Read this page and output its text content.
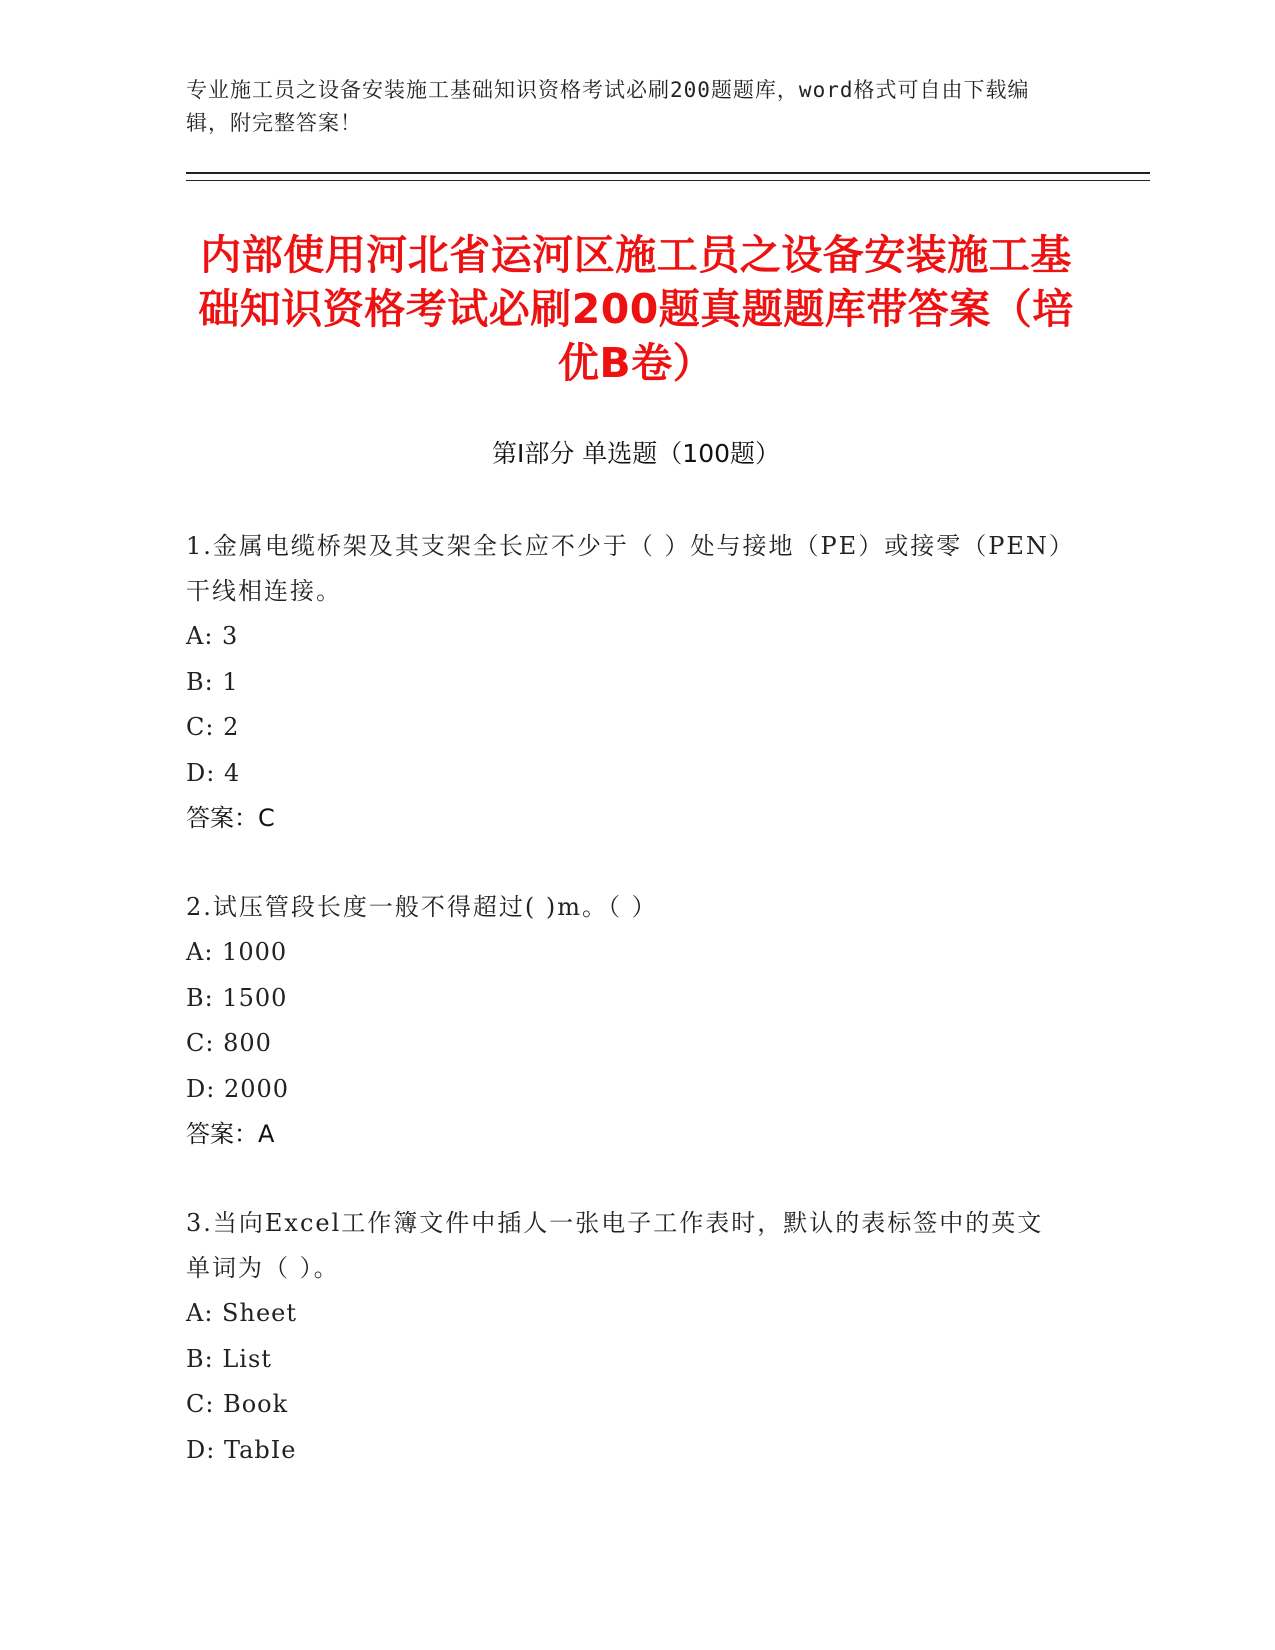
专业施工员之设备安装施工基础知识资格考试必刷200题题库，word格式可自由下载编辑，附完整答案！
内部使用河北省运河区施工员之设备安装施工基础知识资格考试必刷200题真题题库带答案（培优B卷）
第I部分 单选题（100题）
1.金属电缆桥架及其支架全长应不少于（ ）处与接地（PE）或接零（PEN）干线相连接。
A: 3
B: 1
C: 2
D: 4
答案：C
2.试压管段长度一般不得超过( )m。（ ）
A: 1000
B: 1500
C: 800
D: 2000
答案：A
3.当向Excel工作簿文件中插人一张电子工作表时，默认的表标签中的英文单词为（ ）。
A: Sheet
B: List
C: Book
D: TabIe
